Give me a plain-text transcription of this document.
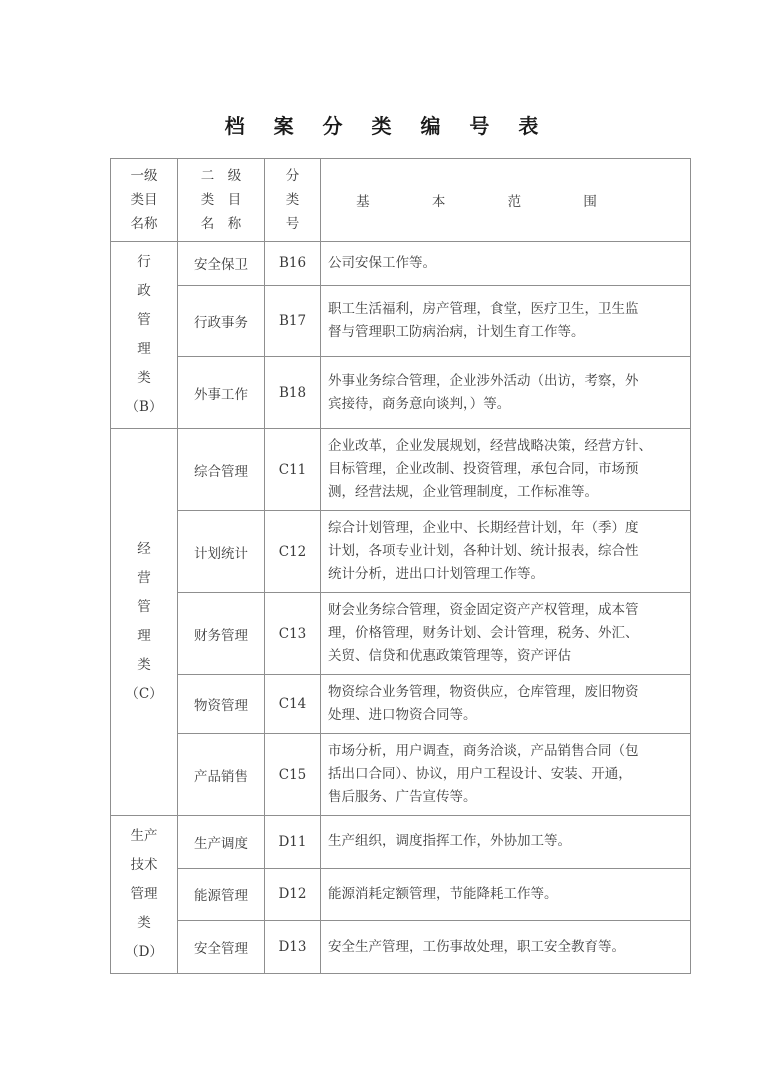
档 案 分 类 编 号 表
一级
类目
名称	二　级
类　目
名　称	分
类
号	基 本 范 围

行
政
管
理
类
（B）
	安全保卫	B16	公司安保工作等。

	行政事务	B17	职工生活福利，房产管理，食堂，医疗卫生，卫生监
督与管理职工防病治病，计划生育工作等。

	外事工作	B18	外事业务综合管理，企业涉外活动（出访，考察，外
宾接待，商务意向谈判，）等。

经
营
管
理
类
（C）
	综合管理	C11	
企业改革，企业发展规划，经营战略决策，经营方针、
目标管理，企业改制、投资管理，承包合同，市场预
测，经营法规，企业管理制度，工作标准等。

	计划统计	C12	综合计划管理，企业中、长期经营计划，年（季）度
计划，各项专业计划，各种计划、统计报表，综合性
统计分析，进出口计划管理工作等。

	财务管理	C13	财会业务综合管理，资金固定资产产权管理，成本管
理，价格管理，财务计划、会计管理，税务、外汇、
关贸、信贷和优惠政策管理等，资产评估

	物资管理	C14	物资综合业务管理，物资供应，仓库管理，废旧物资
处理、进口物资合同等。

	产品销售	C15	市场分析，用户调查，商务洽谈，产品销售合同（包
括出口合同）、协议，用户工程设计、安装、开通，
售后服务、广告宣传等。

生产
技术
管理
类
（D）	生产调度	D11	生产组织，调度指挥工作，外协加工等。

	能源管理	D12	能源消耗定额管理，节能降耗工作等。

	安全管理	D13	安全生产管理，工伤事故处理，职工安全教育等。
